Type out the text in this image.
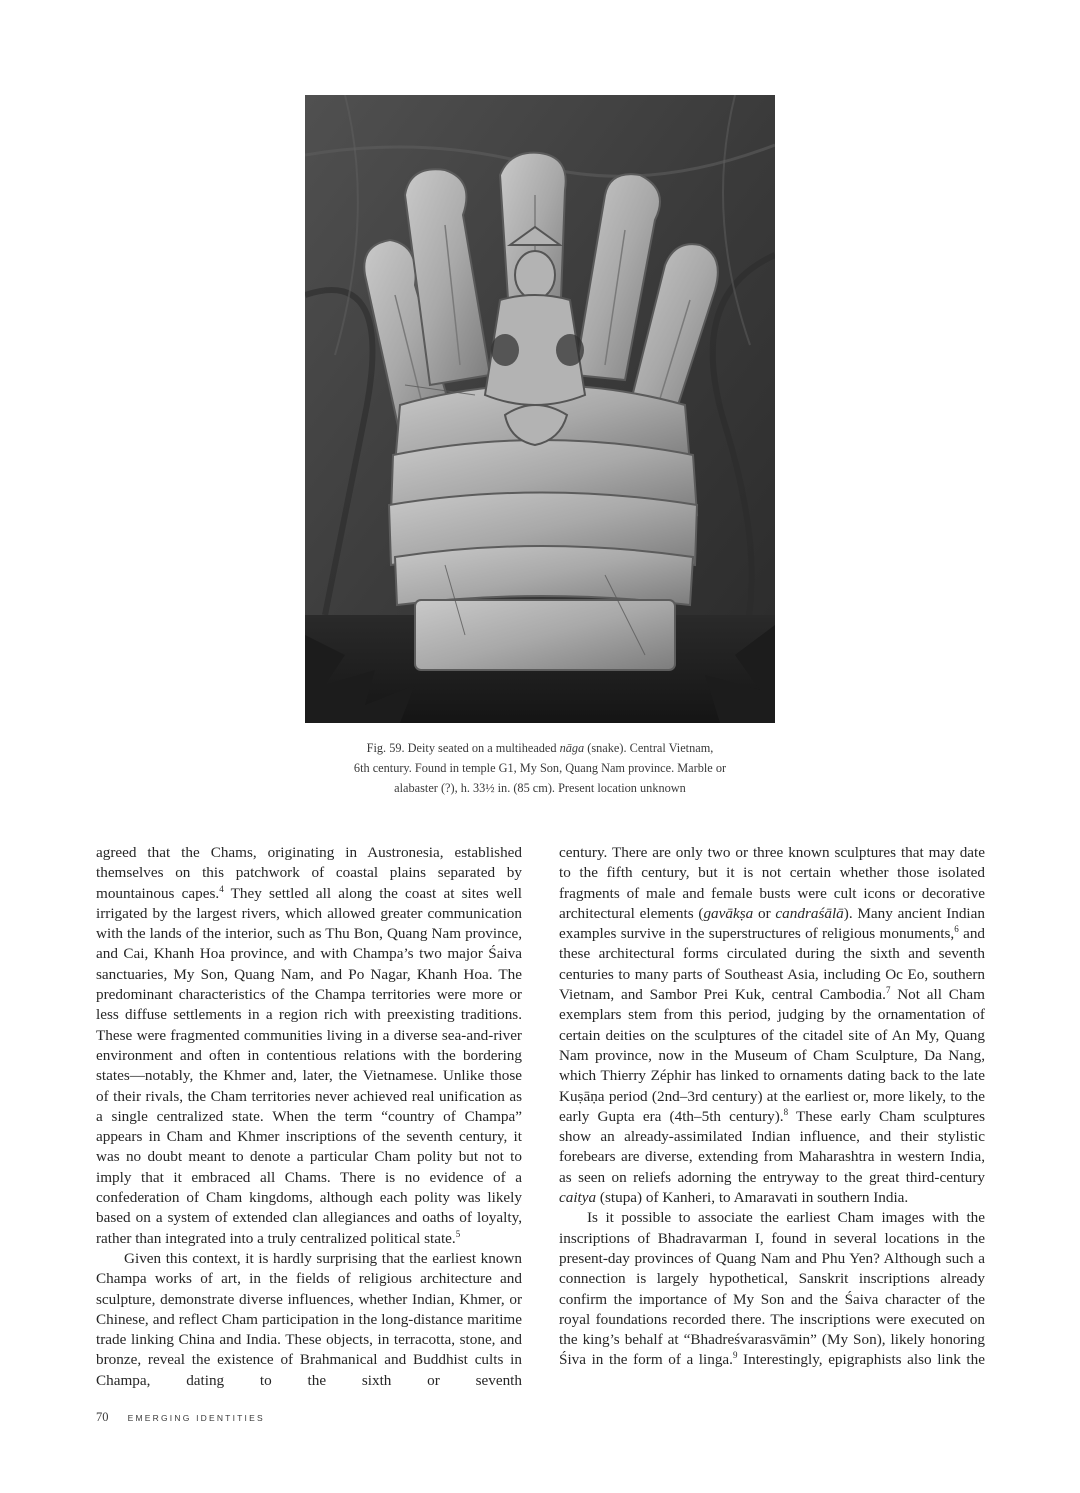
Fig. 59. Deity seated on a multiheaded nāga (snake). Central Vietnam,
6th century. Found in temple G1, My Son, Quang Nam province. Marble or
alabaster (?), h. 33½ in. (85 cm). Present location unknown

agreed that the Chams, originating in Austronesia, established themselves on this patchwork of coastal plains separated by mountainous capes.$^4$ They settled all along the coast at sites well irrigated by the largest rivers, which allowed greater communication with the lands of the interior, such as Thu Bon, Quang Nam province, and Cai, Khanh Hoa province, and with Champa’s two major Śaiva sanctuaries, My Son, Quang Nam, and Po Nagar, Khanh Hoa. The predominant characteristics of the Champa territories were more or less diffuse settlements in a region rich with preexisting traditions. These were fragmented communities living in a diverse sea-and-river environment and often in contentious relations with the bordering states—notably, the Khmer and, later, the Vietnamese. Unlike those of their rivals, the Cham territories never achieved real unification as a single centralized state. When the term “country of Champa” appears in Cham and Khmer inscriptions of the seventh century, it was no doubt meant to denote a particular Cham polity but not to imply that it embraced all Chams. There is no evidence of a confederation of Cham kingdoms, although each polity was likely based on a system of extended clan allegiances and oaths of loyalty, rather than integrated into a truly centralized political state.$^5$

Given this context, it is hardly surprising that the earliest known Champa works of art, in the fields of religious architecture and sculpture, demonstrate diverse influences, whether Indian, Khmer, or Chinese, and reflect Cham participation in the long-distance maritime trade linking China and India. These objects, in terracotta, stone, and bronze, reveal the existence of Brahmanical and Buddhist cults in Champa, dating to the sixth or seventh

century. There are only two or three known sculptures that may date to the fifth century, but it is not certain whether those isolated fragments of male and female busts were cult icons or decorative architectural elements (gavākṣa or candraśālā). Many ancient Indian examples survive in the superstructures of religious monuments,$^6$ and these architectural forms circulated during the sixth and seventh centuries to many parts of Southeast Asia, including Oc Eo, southern Vietnam, and Sambor Prei Kuk, central Cambodia.$^7$ Not all Cham exemplars stem from this period, judging by the ornamentation of certain deities on the sculptures of the citadel site of An My, Quang Nam province, now in the Museum of Cham Sculpture, Da Nang, which Thierry Zéphir has linked to ornaments dating back to the late Kuṣāṇa period (2nd–3rd century) at the earliest or, more likely, to the early Gupta era (4th–5th century).$^8$ These early Cham sculptures show an already-assimilated Indian influence, and their stylistic forebears are diverse, extending from Maharashtra in western India, as seen on reliefs adorning the entryway to the great third-century caitya (stupa) of Kanheri, to Amaravati in southern India.

Is it possible to associate the earliest Cham images with the inscriptions of Bhadravarman I, found in several locations in the present-day provinces of Quang Nam and Phu Yen? Although such a connection is largely hypothetical, Sanskrit inscriptions already confirm the importance of My Son and the Śaiva character of the royal foundations recorded there. The inscriptions were executed on the king’s behalf at “Bhadreśvarasvāmin” (My Son), likely honoring Śiva in the form of a linga.$^9$ Interestingly, epigraphists also link the

70 EMERGING IDENTITIES
